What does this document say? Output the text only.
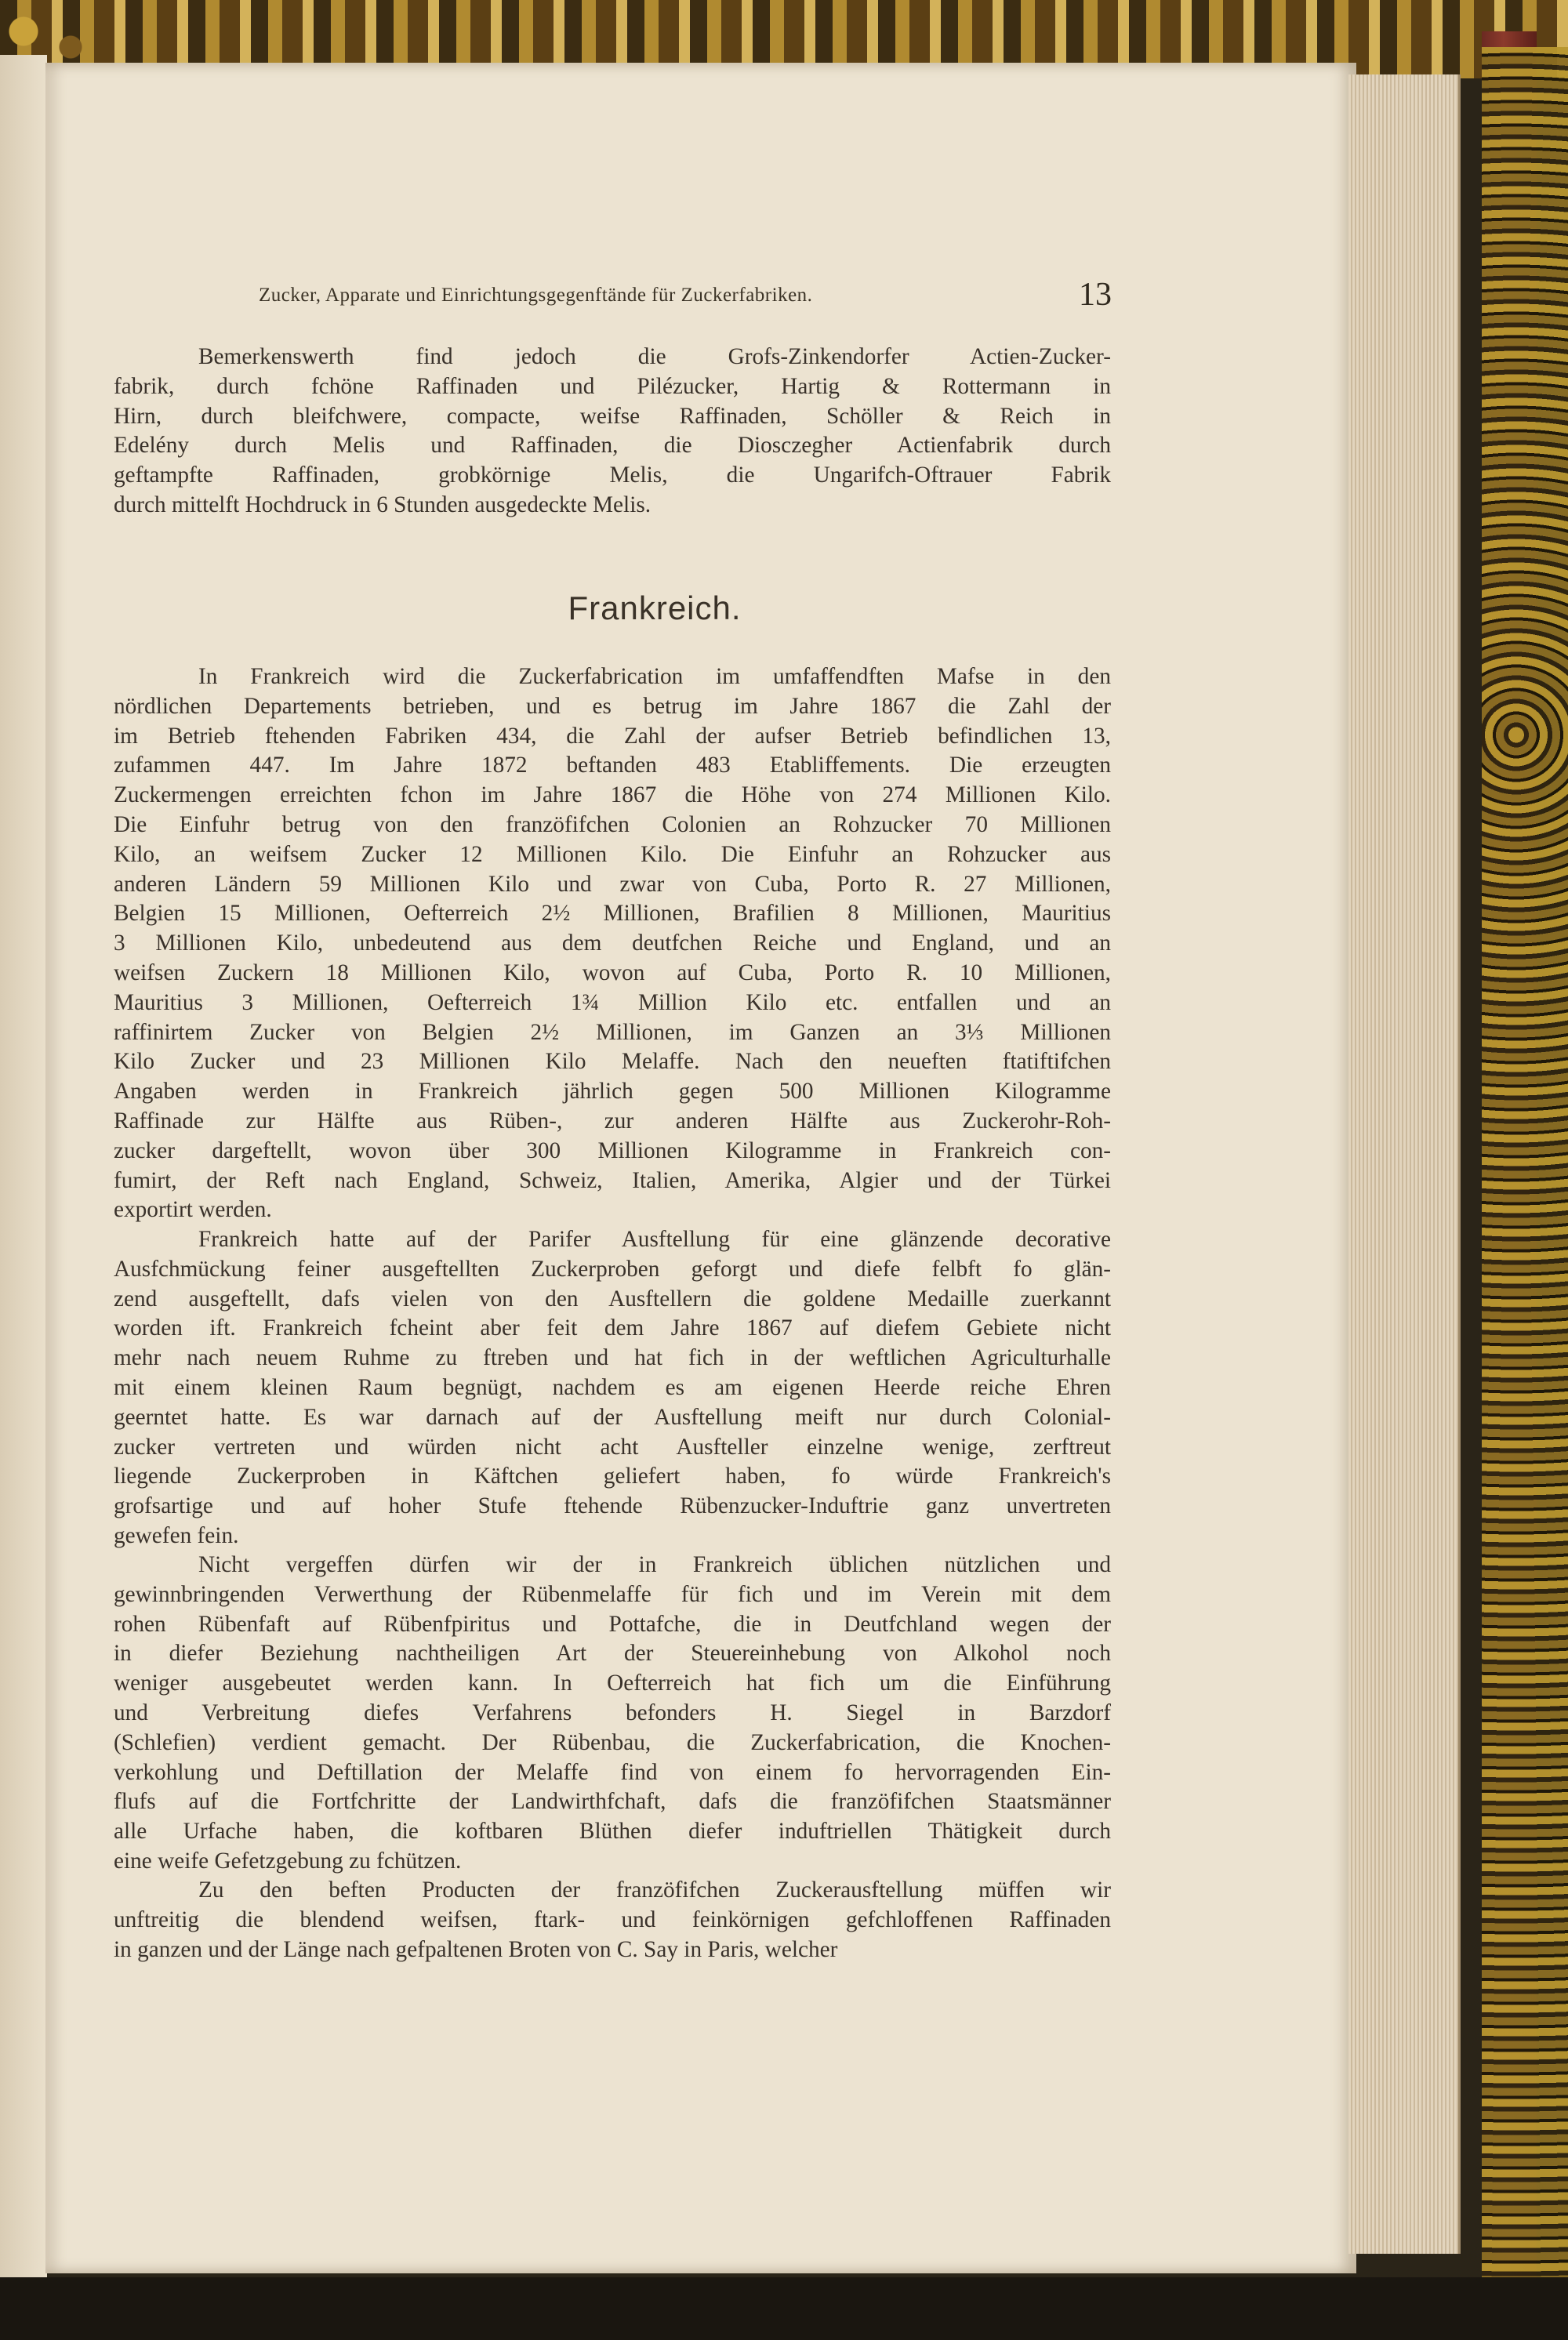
Zucker, Apparate und Einrichtungsgegenftände für Zuckerfabriken.	13
Bemerkenswerth find jedoch die Grofs-Zinkendorfer Actien-Zucker-
fabrik, durch fchöne Raffinaden und Pilézucker, Hartig & Rottermann in
Hirn, durch bleifchwere, compacte, weifse Raffinaden, Schöller & Reich in
Edelény durch Melis und Raffinaden, die Diosczegher Actienfabrik durch
geftampfte Raffinaden, grobkörnige Melis, die Ungarifch-Oftrauer Fabrik
durch mittelft Hochdruck in 6 Stunden ausgedeckte Melis.
Frankreich.
In Frankreich wird die Zuckerfabrication im umfaffendften Mafse in den
nördlichen Departements betrieben, und es betrug im Jahre 1867 die Zahl der
im Betrieb ftehenden Fabriken 434, die Zahl der aufser Betrieb befindlichen 13,
zufammen 447. Im Jahre 1872 beftanden 483 Etabliffements. Die erzeugten
Zuckermengen erreichten fchon im Jahre 1867 die Höhe von 274 Millionen Kilo.
Die Einfuhr betrug von den franzöfifchen Colonien an Rohzucker 70 Millionen
Kilo, an weifsem Zucker 12 Millionen Kilo. Die Einfuhr an Rohzucker aus
anderen Ländern 59 Millionen Kilo und zwar von Cuba, Porto R. 27 Millionen,
Belgien 15 Millionen, Oefterreich 2½ Millionen, Brafilien 8 Millionen, Mauritius
3 Millionen Kilo, unbedeutend aus dem deutfchen Reiche und England, und an
weifsen Zuckern 18 Millionen Kilo, wovon auf Cuba, Porto R. 10 Millionen,
Mauritius 3 Millionen, Oefterreich 1¾ Million Kilo etc. entfallen und an
raffinirtem Zucker von Belgien 2½ Millionen, im Ganzen an 3⅓ Millionen
Kilo Zucker und 23 Millionen Kilo Melaffe. Nach den neueften ftatiftifchen
Angaben werden in Frankreich jährlich gegen 500 Millionen Kilogramme
Raffinade zur Hälfte aus Rüben-, zur anderen Hälfte aus Zuckerohr-Roh-
zucker dargeftellt, wovon über 300 Millionen Kilogramme in Frankreich con-
fumirt, der Reft nach England, Schweiz, Italien, Amerika, Algier und der Türkei
exportirt werden.
Frankreich hatte auf der Parifer Ausftellung für eine glänzende decorative
Ausfchmückung feiner ausgeftellten Zuckerproben geforgt und diefe felbft fo glän-
zend ausgeftellt, dafs vielen von den Ausftellern die goldene Medaille zuerkannt
worden ift. Frankreich fcheint aber feit dem Jahre 1867 auf diefem Gebiete nicht
mehr nach neuem Ruhme zu ftreben und hat fich in der weftlichen Agriculturhalle
mit einem kleinen Raum begnügt, nachdem es am eigenen Heerde reiche Ehren
geerntet hatte. Es war darnach auf der Ausftellung meift nur durch Colonial-
zucker vertreten und würden nicht acht Ausfteller einzelne wenige, zerftreut
liegende Zuckerproben in Käftchen geliefert haben, fo würde Frankreich's
grofsartige und auf hoher Stufe ftehende Rübenzucker-Induftrie ganz unvertreten
gewefen fein.
Nicht vergeffen dürfen wir der in Frankreich üblichen nützlichen und
gewinnbringenden Verwerthung der Rübenmelaffe für fich und im Verein mit dem
rohen Rübenfaft auf Rübenfpiritus und Pottafche, die in Deutfchland wegen der
in diefer Beziehung nachtheiligen Art der Steuereinhebung von Alkohol noch
weniger ausgebeutet werden kann. In Oefterreich hat fich um die Einführung
und Verbreitung diefes Verfahrens befonders H. Siegel in Barzdorf
(Schlefien) verdient gemacht. Der Rübenbau, die Zuckerfabrication, die Knochen-
verkohlung und Deftillation der Melaffe find von einem fo hervorragenden Ein-
flufs auf die Fortfchritte der Landwirthfchaft, dafs die franzöfifchen Staatsmänner
alle Urfache haben, die koftbaren Blüthen diefer induftriellen Thätigkeit durch
eine weife Gefetzgebung zu fchützen.
Zu den beften Producten der franzöfifchen Zuckerausftellung müffen wir
unftreitig die blendend weifsen, ftark- und feinkörnigen gefchloffenen Raffinaden
in ganzen und der Länge nach gefpaltenen Broten von C. Say in Paris, welcher
